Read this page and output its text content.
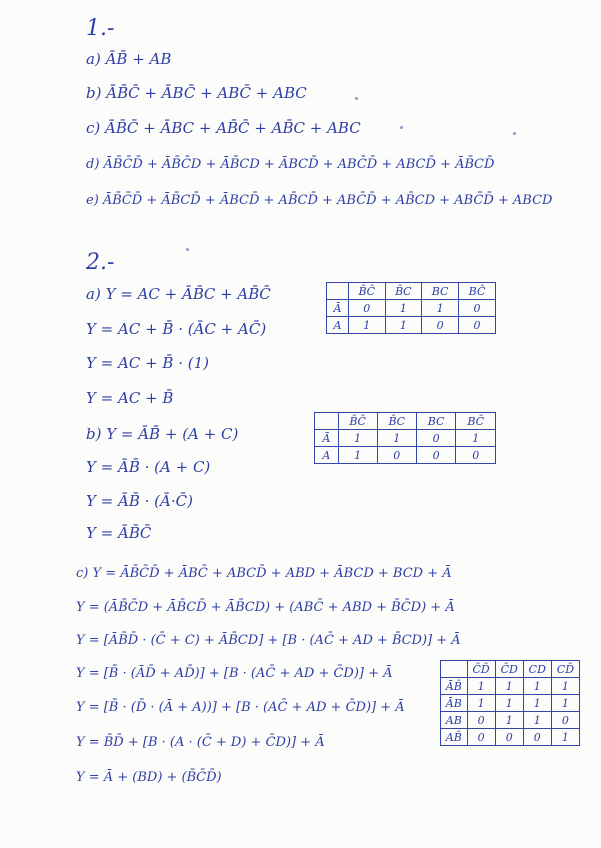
1.-
a) ĀB̄ + AB
b) ĀB̄C̄ + ĀBC̄ + ABC̄ + ABC
c) ĀB̄C̄ + ĀBC + AB̄C̄ + AB̄C + ABC
d) ĀB̄C̄D̄ + ĀB̄C̄D + ĀB̄CD + ĀBCD̄ + ABC̄D̄ + ABCD̄ + ĀB̄CD̄
e) ĀB̄C̄D̄ + ĀB̄CD̄ + ĀBCD̄ + AB̄CD̄ + ABC̄D̄ + AB̄CD + ABC̄D̄ + ABCD
2.-
a) Y = AC + ĀB̄C + AB̄C̄
Y = AC + B̄ · (ĀC + AC̄)
Y = AC + B̄ · (1)
Y = AC + B̄
	B̄C̄	B̄C	BC	BC̄
Ā	0	1	1	0
A	1	1	0	0
b) Y = ĀB̄ + (A + C)
Y = ĀB̄ · (A + C)
Y = ĀB̄ · (Ā·C̄)
Y = ĀB̄C̄
	B̄C̄	B̄C	BC	BC̄
Ā	1	1	0	1
A	1	0	0	0
c) Y = ĀB̄C̄D̄ + ĀBC̄ + ABCD̄ + ABD + ĀBCD + BCD + Ā
Y = (ĀB̄C̄D + ĀB̄CD̄ + ĀB̄CD) + (ABC̄ + ABD + B̄C̄D) + Ā
Y = [ĀB̄D̄ · (C̄ + C) + ĀB̄CD] + [B · (AC̄ + AD + B̄CD)] + Ā
Y = [B̄ · (ĀD̄ + AD̄)] + [B · (AC̄ + AD + C̄D)] + Ā
Y = [B̄ · (D̄ · (Ā + A))] + [B · (AC̄ + AD + C̄D)] + Ā
Y = B̄D̄ + [B · (A · (C̄ + D) + C̄D)] + Ā
Y = Ā + (BD) + (B̄C̄D̄)
	C̄D̄	C̄D	CD	CD̄
ĀB̄	1	1	1	1
ĀB	1	1	1	1
AB	0	1	1	0
AB̄	0	0	0	1
